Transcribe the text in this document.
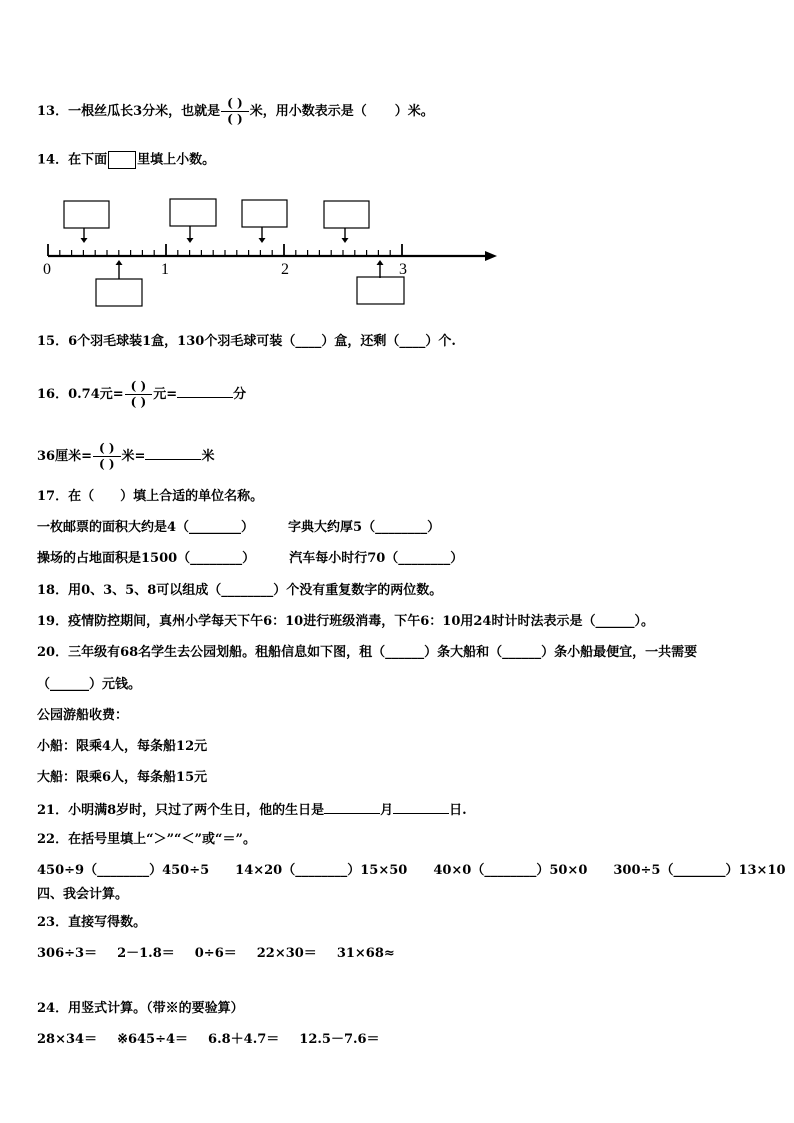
13．一根丝瓜长3分米，也就是 $\frac{( )}{( )}$ 米，用小数表示是（ ）米。
14．在下面 里填上小数。
0	1	2	3
15．6个羽毛球装1盒，130个羽毛球可装（____）盒，还剩（____）个.
16．0.74元= $\frac{( )}{( )}$ 元=	分
36厘米= $\frac{( )}{( )}$ 米=	米
17．在（　　）填上合适的单位名称。
一枚邮票的面积大约是4（________）	字典大约厚5（________）
操场的占地面积是1500（________）	汽车每小时行70（________）
18．用0、3、5、8可以组成（________）个没有重复数字的两位数。
19．疫情防控期间，真州小学每天下午6：10进行班级消毒，下午6：10用24时计时法表示是（______）。
20．三年级有68名学生去公园划船。租船信息如下图，租（______）条大船和（______）条小船最便宜，一共需要
（______）元钱。
公园游船收费：
小船：限乘4人，每条船12元
大船：限乘6人，每条船15元
21．小明满8岁时，只过了两个生日，他的生日是	月	日.
22．在括号里填上“＞”“＜”或“＝”。
450÷9（________）450÷5 14×20（________）15×50 40×0（________）50×0 300÷5（________）13×10
四、我会计算。
23．直接写得数。
306÷3＝ 2－1.8＝ 0÷6＝ 22×30＝ 31×68≈
24．用竖式计算。（带※的要验算）
28×34＝ ※645÷4＝ 6.8＋4.7＝ 12.5－7.6＝
